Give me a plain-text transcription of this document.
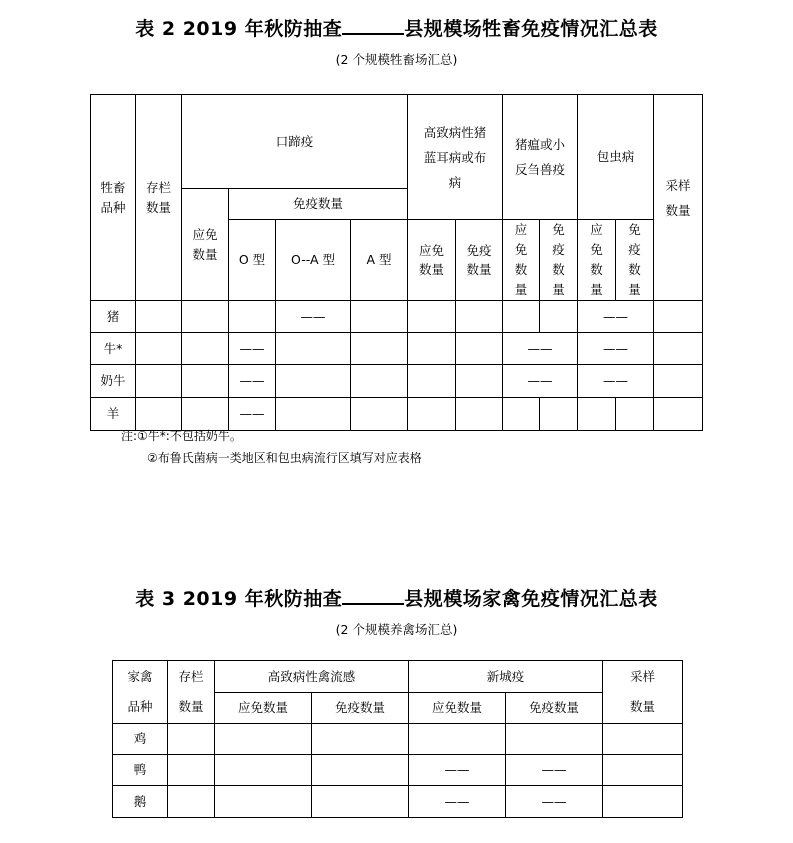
表 2 2019 年秋防抽查	县规模场牲畜免疫情况汇总表
(2 个规模牲畜场汇总)
牲畜品种	存栏数量	口蹄疫				高致病性猪蓝耳病或布病		猪瘟或小反刍兽疫		包虫病		采样数量
		应免数量	免疫数量									
			O 型	O--A 型	A 型	应免数量	免疫数量	应免数量	免疫数量	应免数量	免疫数量	
猪				——						——		
牛*			——					——		——		
奶牛			——					——		——		
羊			——									
注:①牛*:不包括奶牛。
②布鲁氏菌病一类地区和包虫病流行区填写对应表格
表 3 2019 年秋防抽查	县规模场家禽免疫情况汇总表
(2 个规模养禽场汇总)
家禽品种	存栏数量	高致病性禽流感		新城疫		采样数量
		应免数量	免疫数量	应免数量	免疫数量	
鸡						
鸭				——	——	
鹅				——	——	
